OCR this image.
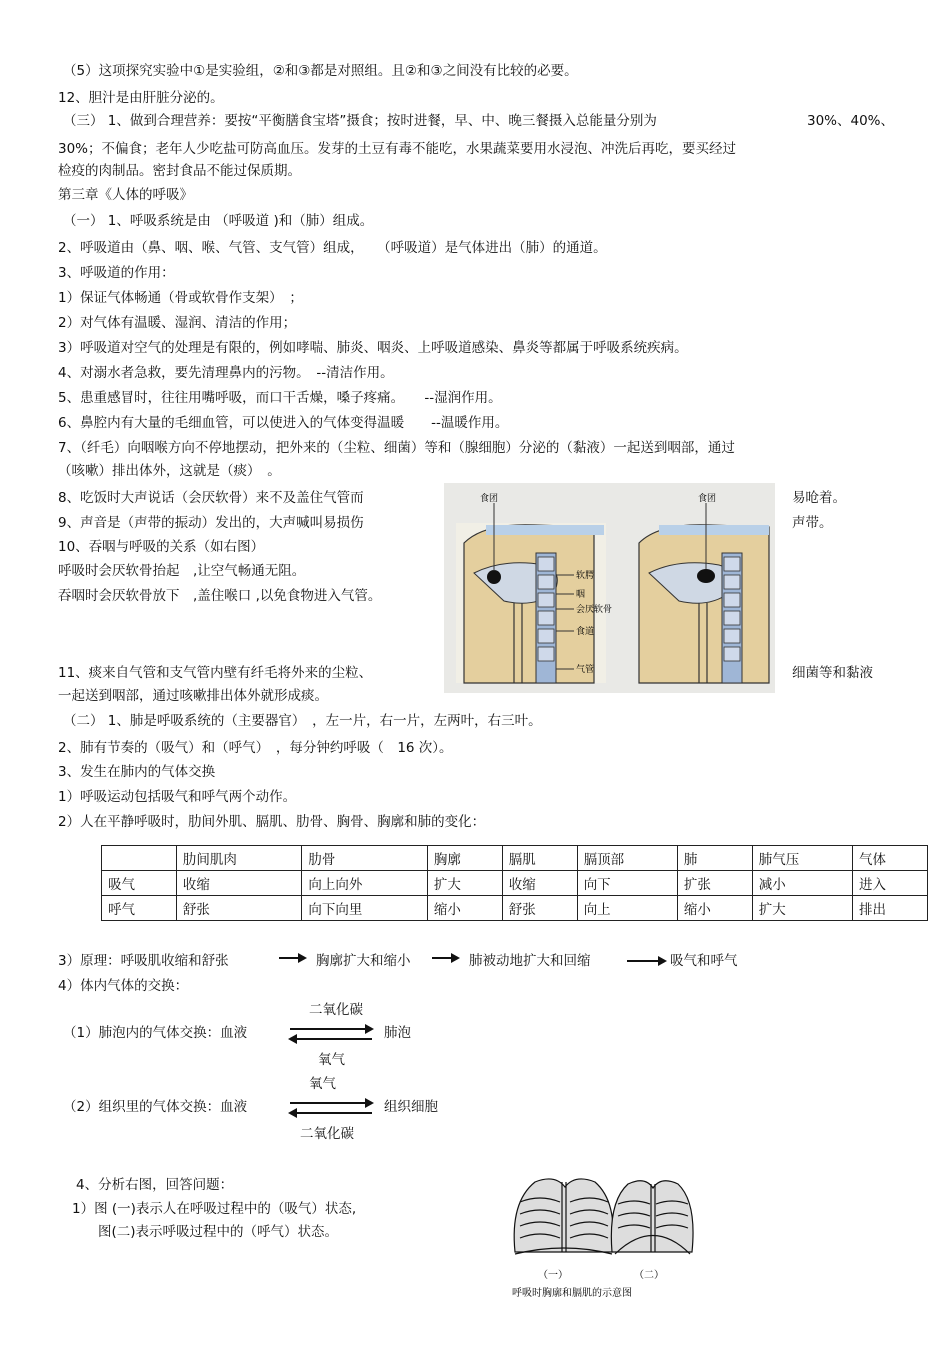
（5）这项探究实验中①是实验组，②和③都是对照组。且②和③之间没有比较的必要。
12、胆汁是由肝脏分泌的。
（三） 1、做到合理营养：要按“平衡膳食宝塔”摄食；按时进餐，早、中、晚三餐摄入总能量分别为	30%、40%、
30%；不偏食；老年人少吃盐可防高血压。发芽的土豆有毒不能吃，水果蔬菜要用水浸泡、冲洗后再吃，要买经过
检疫的肉制品。密封食品不能过保质期。
第三章《人体的呼吸》
（一） 1、呼吸系统是由 （呼吸道 )和（肺）组成。
2、呼吸道由（鼻、咽、喉、气管、支气管）组成，　　（呼吸道）是气体进出（肺）的通道。
3、呼吸道的作用：
1）保证气体畅通（骨或软骨作支架）　；
2）对气体有温暖、湿润、清洁的作用；
3）呼吸道对空气的处理是有限的，例如哮喘、肺炎、咽炎、上呼吸道感染、鼻炎等都属于呼吸系统疾病。
4、对溺水者急救，要先清理鼻内的污物。　--清洁作用。
5、患重感冒时，往往用嘴呼吸，而口干舌燥，嗓子疼痛。　　--湿润作用。
6、鼻腔内有大量的毛细血管，可以使进入的气体变得温暖　　--温暖作用。
7、（纤毛）向咽喉方向不停地摆动，把外来的（尘粒、细菌）等和（腺细胞）分泌的（黏液）一起送到咽部，通过
（咳嗽）排出体外，这就是（痰）　。
8、吃饭时大声说话（会厌软骨）来不及盖住气管而	易呛着。
9、声音是（声带的振动）发出的，大声喊叫易损伤	声带。
10、吞咽与呼吸的关系（如右图）
呼吸时会厌软骨抬起　,让空气畅通无阻。
吞咽时会厌软骨放下　,盖住喉口 ,以免食物进入气管。
11、痰来自气管和支气管内壁有纤毛将外来的尘粒、	细菌等和黏液
一起送到咽部，通过咳嗽排出体外就形成痰。
（二） 1、肺是呼吸系统的（主要器官）　，左一片，右一片，左两叶，右三叶。
2、肺有节奏的（吸气）和（呼气）　，每分钟约呼吸（　16 次）。
3、发生在肺内的气体交换
1）呼吸运动包括吸气和呼气两个动作。
2）人在平静呼吸时，肋间外肌、膈肌、肋骨、胸骨、胸廓和肺的变化：
食团
软腭
咽
会厌软骨
食道
气管
食团
	肋间肌肉	肋骨	胸廓	膈肌	膈顶部	肺	肺气压	气体
吸气	收缩	向上向外	扩大	收缩	向下	扩张	减小	进入
呼气	舒张	向下向里	缩小	舒张	向上	缩小	扩大	排出
3）原理：呼吸肌收缩和舒张	胸廓扩大和缩小	肺被动地扩大和回缩	吸气和呼气
4）体内气体的交换：
二氧化碳
（1）肺泡内的气体交换：血液	肺泡
氧气
氧气
（2）组织里的气体交换：血液	组织细胞
二氧化碳
4、分析右图，回答问题：
1）图 (一)表示人在呼吸过程中的（吸气）状态,
图(二)表示呼吸过程中的（呼气）状态。
（一）	（二）
呼吸时胸廓和膈肌的示意图
